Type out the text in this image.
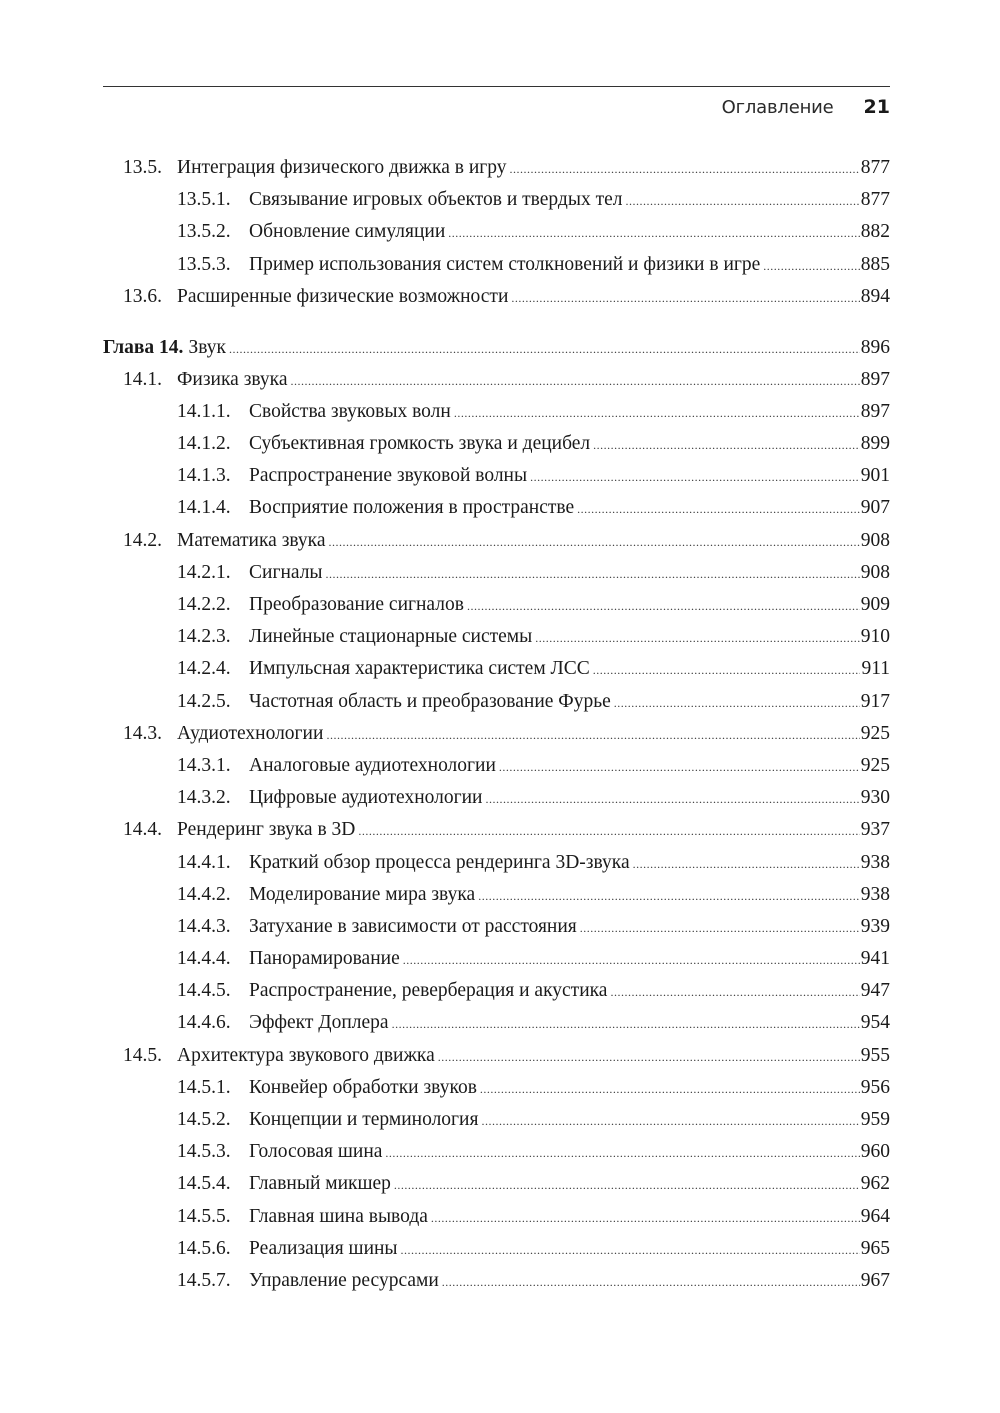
Оглавление 21
13.5. Интеграция физического движка в игру .....	877
13.5.1. Связывание игровых объектов и твердых тел .....	877
13.5.2. Обновление симуляции .....	882
13.5.3. Пример использования систем столкновений и физики в игре .....	885
13.6. Расширенные физические возможности .....	894
Глава 14. Звук .....	896
14.1. Физика звука .....	897
14.1.1. Свойства звуковых волн .....	897
14.1.2. Субъективная громкость звука и децибел .....	899
14.1.3. Распространение звуковой волны .....	901
14.1.4. Восприятие положения в пространстве .....	907
14.2. Математика звука .....	908
14.2.1. Сигналы .....	908
14.2.2. Преобразование сигналов .....	909
14.2.3. Линейные стационарные системы .....	910
14.2.4. Импульсная характеристика систем ЛСС .....	911
14.2.5. Частотная область и преобразование Фурье .....	917
14.3. Аудиотехнологии .....	925
14.3.1. Аналоговые аудиотехнологии .....	925
14.3.2. Цифровые аудиотехнологии .....	930
14.4. Рендеринг звука в 3D .....	937
14.4.1. Краткий обзор процесса рендеринга 3D-звука .....	938
14.4.2. Моделирование мира звука .....	938
14.4.3. Затухание в зависимости от расстояния .....	939
14.4.4. Панорамирование .....	941
14.4.5. Распространение, реверберация и акустика .....	947
14.4.6. Эффект Доплера .....	954
14.5. Архитектура звукового движка .....	955
14.5.1. Конвейер обработки звуков .....	956
14.5.2. Концепции и терминология .....	959
14.5.3. Голосовая шина .....	960
14.5.4. Главный микшер .....	962
14.5.5. Главная шина вывода .....	964
14.5.6. Реализация шины .....	965
14.5.7. Управление ресурсами .....	967
